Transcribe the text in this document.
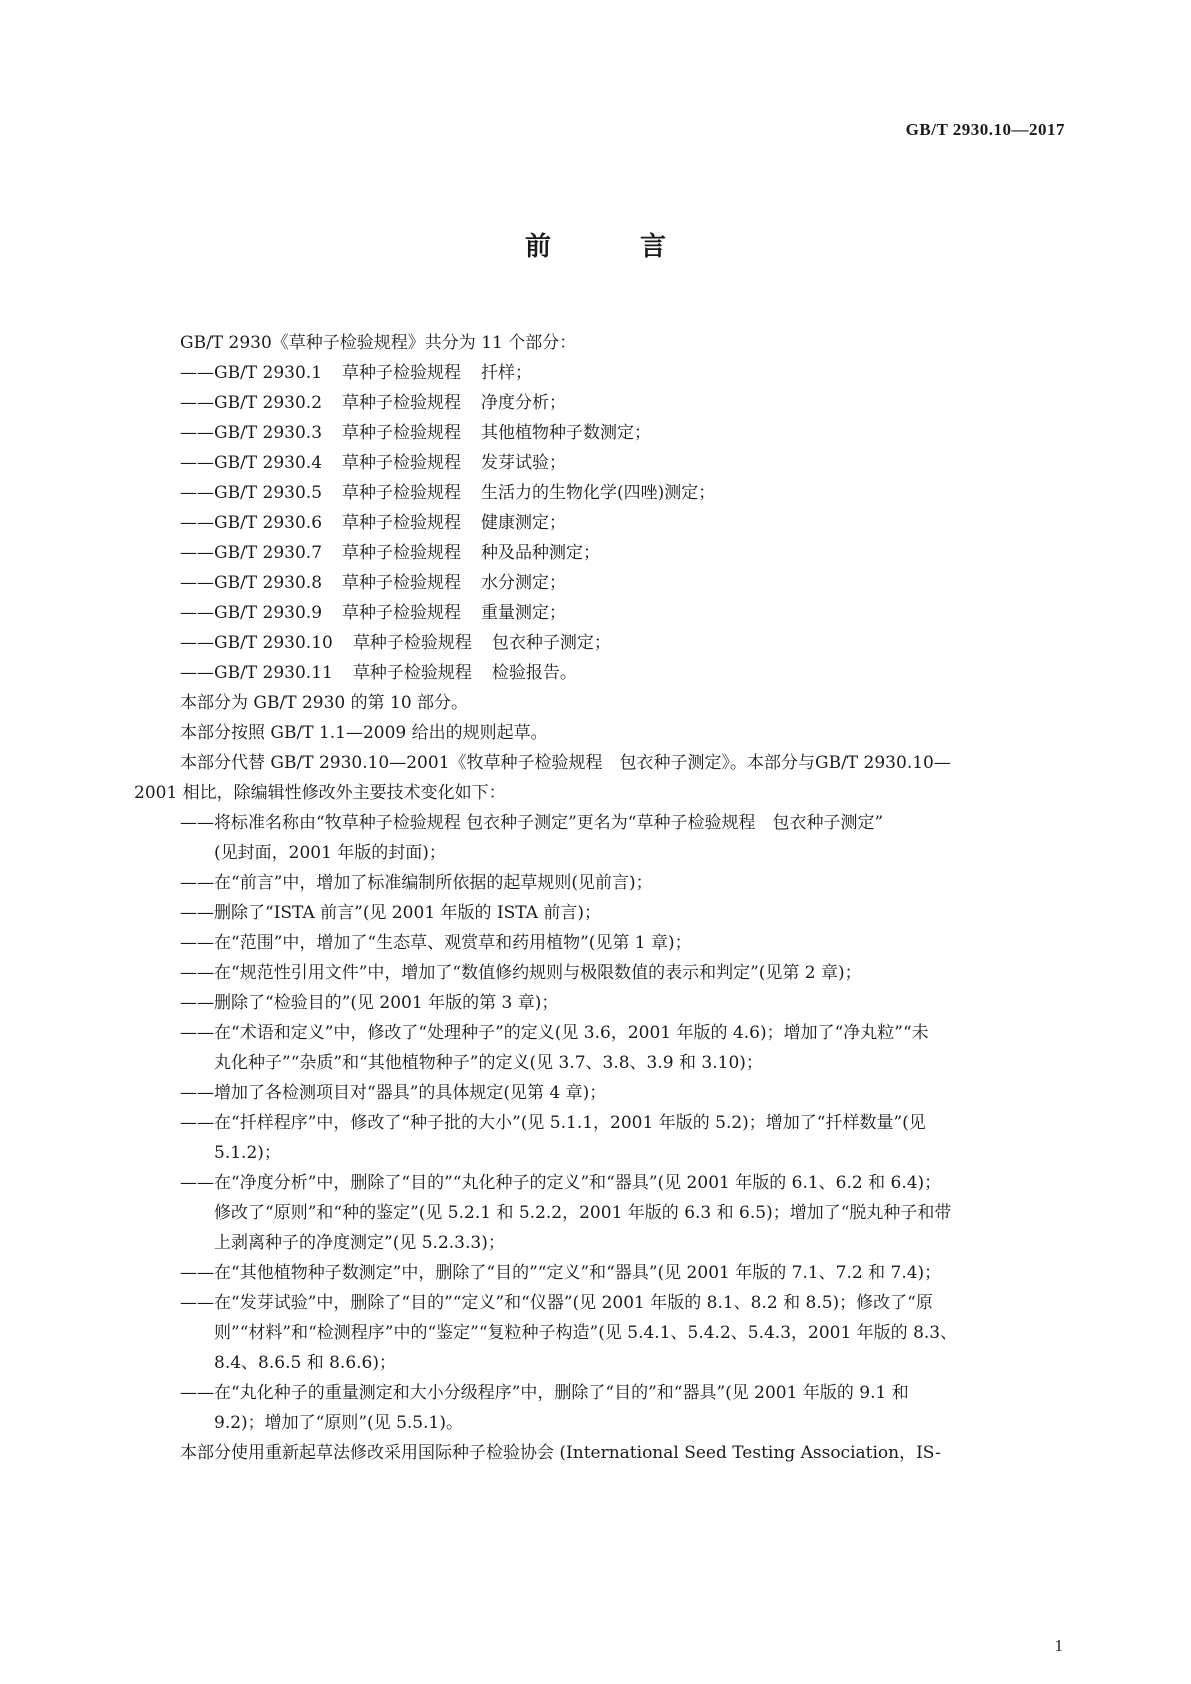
GB/T 2930.10—2017
前 言
GB/T 2930《草种子检验规程》共分为 11 个部分：
——GB/T 2930.1 草种子检验规程 扦样；
——GB/T 2930.2 草种子检验规程 净度分析；
——GB/T 2930.3 草种子检验规程 其他植物种子数测定；
——GB/T 2930.4 草种子检验规程 发芽试验；
——GB/T 2930.5 草种子检验规程 生活力的生物化学(四唑)测定；
——GB/T 2930.6 草种子检验规程 健康测定；
——GB/T 2930.7 草种子检验规程 种及品种测定；
——GB/T 2930.8 草种子检验规程 水分测定；
——GB/T 2930.9 草种子检验规程 重量测定；
——GB/T 2930.10 草种子检验规程 包衣种子测定；
——GB/T 2930.11 草种子检验规程 检验报告。
本部分为 GB/T 2930 的第 10 部分。
本部分按照 GB/T 1.1—2009 给出的规则起草。
本部分代替 GB/T 2930.10—2001《牧草种子检验规程　包衣种子测定》。本部分与GB/T 2930.10—
2001 相比，除编辑性修改外主要技术变化如下：
——将标准名称由“牧草种子检验规程 包衣种子测定”更名为“草种子检验规程　包衣种子测定”
(见封面，2001 年版的封面)；
——在“前言”中，增加了标准编制所依据的起草规则(见前言)；
——删除了“ISTA 前言”(见 2001 年版的 ISTA 前言)；
——在“范围”中，增加了“生态草、观赏草和药用植物”(见第 1 章)；
——在“规范性引用文件”中，增加了“数值修约规则与极限数值的表示和判定”(见第 2 章)；
——删除了“检验目的”(见 2001 年版的第 3 章)；
——在“术语和定义”中，修改了“处理种子”的定义(见 3.6，2001 年版的 4.6)；增加了“净丸粒”“未
丸化种子”“杂质”和“其他植物种子”的定义(见 3.7、3.8、3.9 和 3.10)；
——增加了各检测项目对“器具”的具体规定(见第 4 章)；
——在“扦样程序”中，修改了“种子批的大小”(见 5.1.1，2001 年版的 5.2)；增加了“扦样数量”(见
5.1.2)；
——在“净度分析”中，删除了“目的”“丸化种子的定义”和“器具”(见 2001 年版的 6.1、6.2 和 6.4)；
修改了“原则”和“种的鉴定”(见 5.2.1 和 5.2.2，2001 年版的 6.3 和 6.5)；增加了“脱丸种子和带
上剥离种子的净度测定”(见 5.2.3.3)；
——在“其他植物种子数测定”中，删除了“目的”“定义”和“器具”(见 2001 年版的 7.1、7.2 和 7.4)；
——在“发芽试验”中，删除了“目的”“定义”和“仪器”(见 2001 年版的 8.1、8.2 和 8.5)；修改了“原
则”“材料”和“检测程序”中的“鉴定”“复粒种子构造”(见 5.4.1、5.4.2、5.4.3，2001 年版的 8.3、
8.4、8.6.5 和 8.6.6)；
——在“丸化种子的重量测定和大小分级程序”中，删除了“目的”和“器具”(见 2001 年版的 9.1 和
9.2)；增加了“原则”(见 5.5.1)。
本部分使用重新起草法修改采用国际种子检验协会 (International Seed Testing Association，IS-
1
